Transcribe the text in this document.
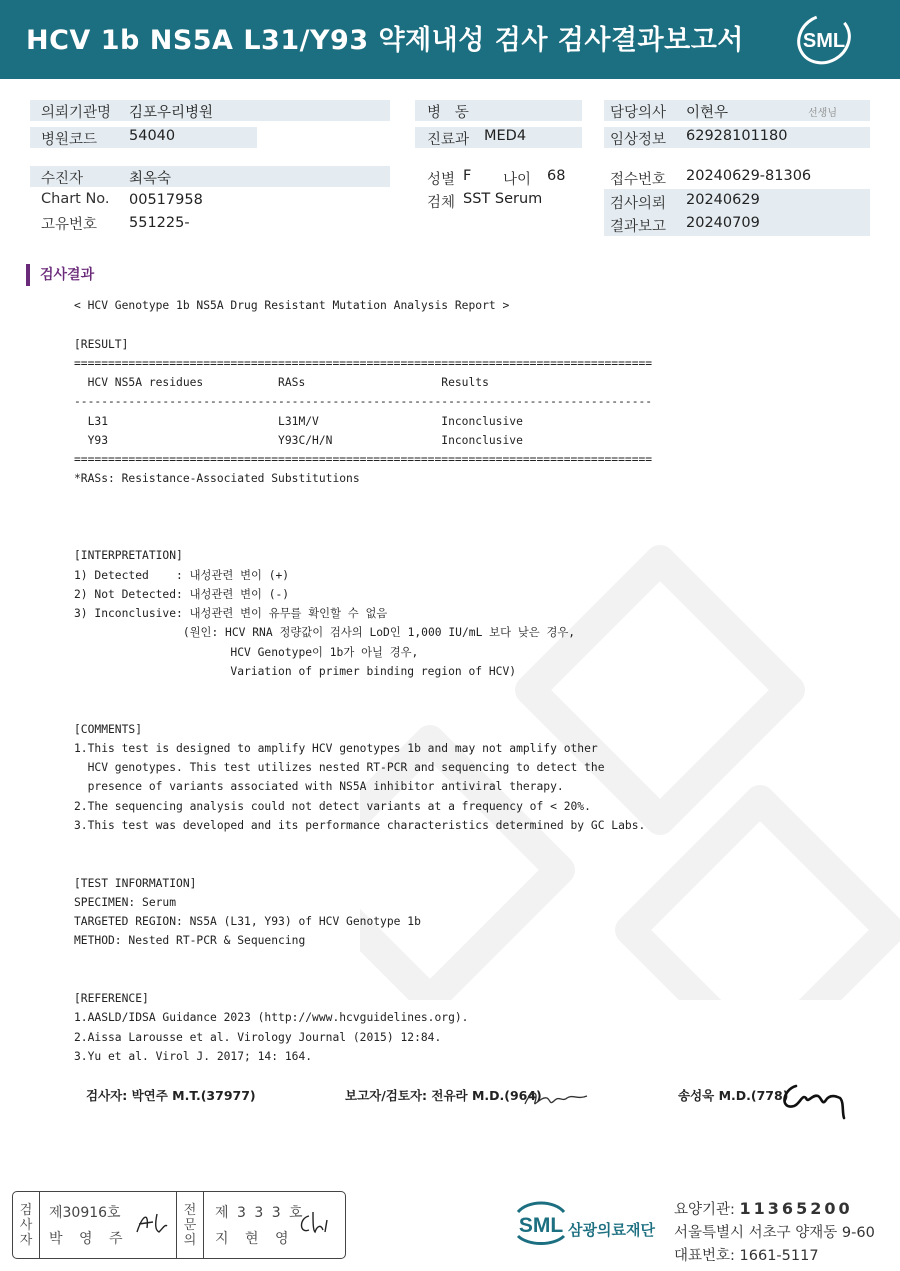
HCV 1b NS5A L31/Y93 약제내성 검사 검사결과보고서	SML
의뢰기관명 김포우리병원
병원코드 54040
수진자	최옥숙
Chart No. 00517958
고유번호 551225-
병   동
진료과 MED4
성별 F 나이 68
검체 SST Serum
담당의사 이현우	선생님
임상정보 62928101180
접수번호 20240629-81306
검사의뢰 20240629
결과보고 20240709
검사결과
< HCV Genotype 1b NS5A Drug Resistant Mutation Analysis Report >

[RESULT]
=====================================================================================
HCV NS5A residues           RASs                    Results
-------------------------------------------------------------------------------------
L31                         L31M/V                  Inconclusive
Y93                         Y93C/H/N                Inconclusive
=====================================================================================
*RASs: Resistance-Associated Substitutions

[INTERPRETATION]
1) Detected    : 내성관련 변이 (+)
2) Not Detected: 내성관련 변이 (-)
3) Inconclusive: 내성관련 변이 유무를 확인할 수 없음
(원인: HCV RNA 정량값이 검사의 LoD인 1,000 IU/mL 보다 낮은 경우,
HCV Genotype이 1b가 아닐 경우,
Variation of primer binding region of HCV)

[COMMENTS]
1.This test is designed to amplify HCV genotypes 1b and may not amplify other
HCV genotypes. This test utilizes nested RT-PCR and sequencing to detect the
presence of variants associated with NS5A inhibitor antiviral therapy.
2.The sequencing analysis could not detect variants at a frequency of < 20%.
3.This test was developed and its performance characteristics determined by GC Labs.

[TEST INFORMATION]
SPECIMEN: Serum
TARGETED REGION: NS5A (L31, Y93) of HCV Genotype 1b
METHOD: Nested RT-PCR & Sequencing

[REFERENCE]
1.AASLD/IDSA Guidance 2023 (http://www.hcvguidelines.org).
2.Aissa Larousse et al. Virology Journal (2015) 12:84.
3.Yu et al. Virol J. 2017; 14: 164.
검사자: 박연주 M.T.(37977)	보고자/검토자: 전유라 M.D.(964)	송성욱 M.D.(778)
검
사
자
제30916호
박 영 주
전
문
의
제 3 3 3 호
지 현 영
SML 삼광의료재단
요양기관: 11365200
서울특별시 서초구 양재동 9-60
대표번호: 1661-5117
